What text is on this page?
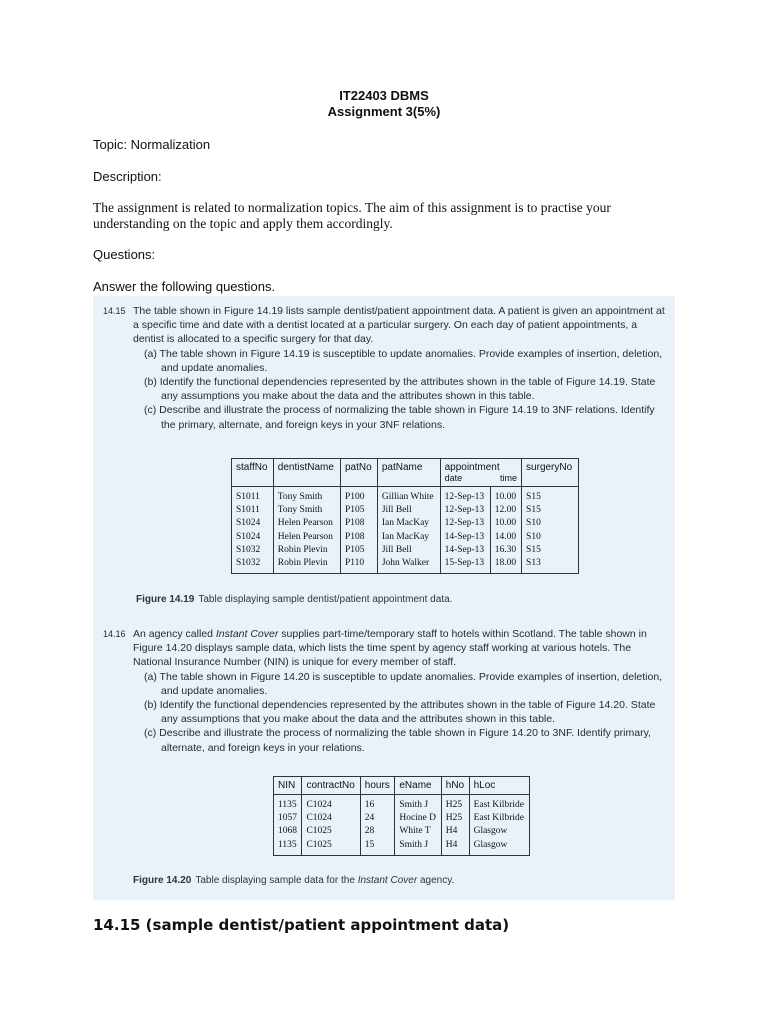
IT22403 DBMS
Assignment 3(5%)
Topic: Normalization
Description:
The assignment is related to normalization topics. The aim of this assignment is to practise your understanding on the topic and apply them accordingly.
Questions:
Answer the following questions.
14.15 The table shown in Figure 14.19 lists sample dentist/patient appointment data. A patient is given an appointment at a specific time and date with a dentist located at a particular surgery. On each day of patient appointments, a dentist is allocated to a specific surgery for that day.
(a) The table shown in Figure 14.19 is susceptible to update anomalies. Provide examples of insertion, deletion, and update anomalies.
(b) Identify the functional dependencies represented by the attributes shown in the table of Figure 14.19. State any assumptions you make about the data and the attributes shown in this table.
(c) Describe and illustrate the process of normalizing the table shown in Figure 14.19 to 3NF relations. Identify the primary, alternate, and foreign keys in your 3NF relations.
staffNo	dentistName	patNo	patName	appointment
date time		surgeryNo
S1011	Tony Smith	P100	Gillian White	12-Sep-13	10.00	S15
S1011	Tony Smith	P105	Jill Bell	12-Sep-13	12.00	S15
S1024	Helen Pearson	P108	Ian MacKay	12-Sep-13	10.00	S10
S1024	Helen Pearson	P108	Ian MacKay	14-Sep-13	14.00	S10
S1032	Robin Plevin	P105	Jill Bell	14-Sep-13	16.30	S15
S1032	Robin Plevin	P110	John Walker	15-Sep-13	18.00	S13
Figure 14.19 Table displaying sample dentist/patient appointment data.
14.16 An agency called Instant Cover supplies part-time/temporary staff to hotels within Scotland. The table shown in Figure 14.20 displays sample data, which lists the time spent by agency staff working at various hotels. The National Insurance Number (NIN) is unique for every member of staff.
(a) The table shown in Figure 14.20 is susceptible to update anomalies. Provide examples of insertion, deletion, and update anomalies.
(b) Identify the functional dependencies represented by the attributes shown in the table of Figure 14.20. State any assumptions that you make about the data and the attributes shown in this table.
(c) Describe and illustrate the process of normalizing the table shown in Figure 14.20 to 3NF. Identify primary, alternate, and foreign keys in your relations.
NIN	contractNo	hours	eName	hNo	hLoc
1135	C1024	16	Smith J	H25	East Kilbride
1057	C1024	24	Hocine D	H25	East Kilbride
1068	C1025	28	White T	H4	Glasgow
1135	C1025	15	Smith J	H4	Glasgow
Figure 14.20 Table displaying sample data for the Instant Cover agency.
14.15 (sample dentist/patient appointment data)
